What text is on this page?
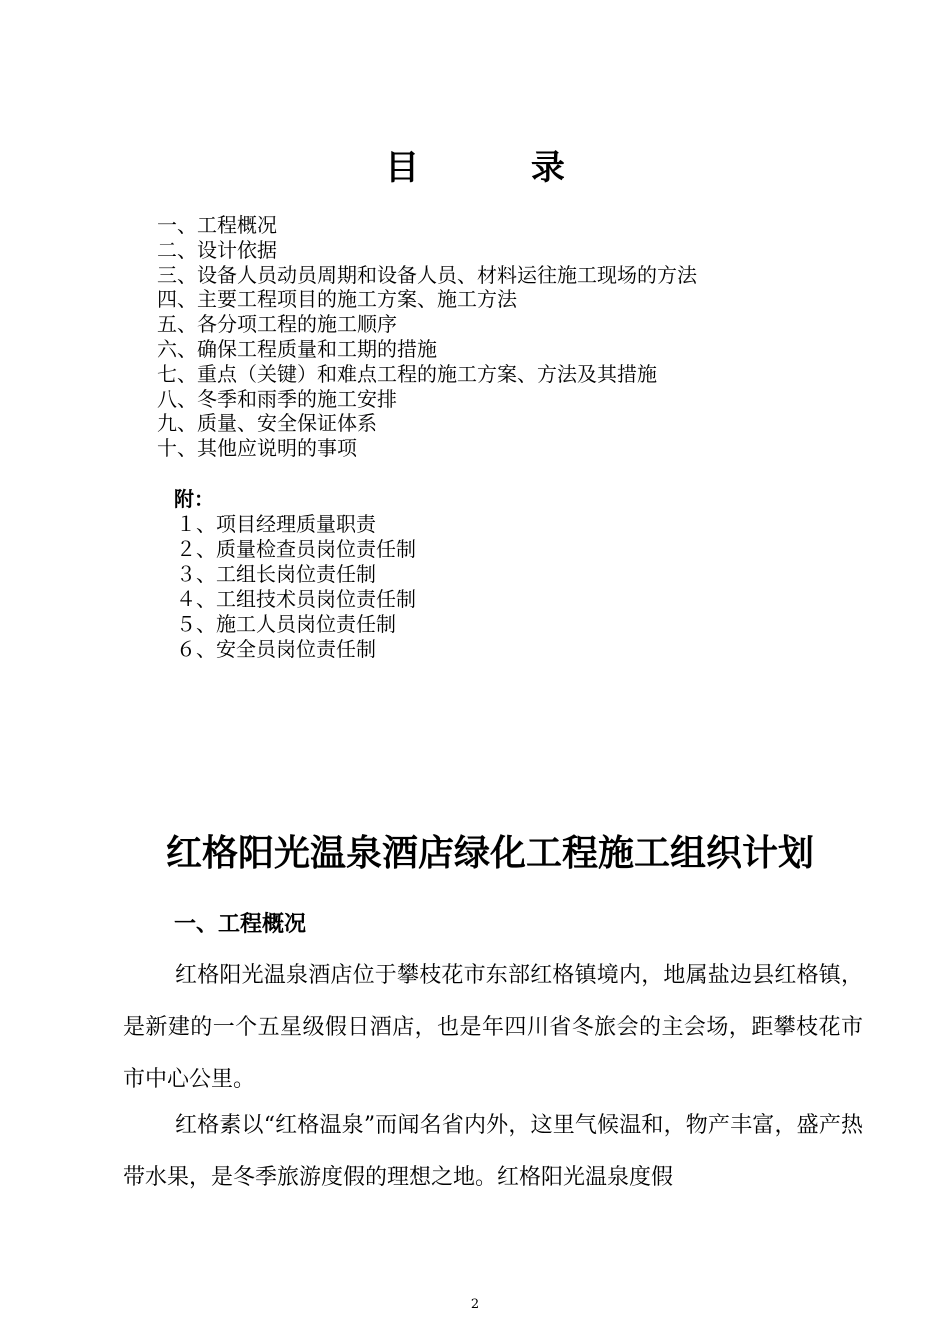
目 录
一、工程概况
二、设计依据
三、设备人员动员周期和设备人员、材料运往施工现场的方法
四、主要工程项目的施工方案、施工方法
五、各分项工程的施工顺序
六、确保工程质量和工期的措施
七、重点（关键）和难点工程的施工方案、方法及其措施
八、冬季和雨季的施工安排
九、质量、安全保证体系
十、其他应说明的事项
附：
１、项目经理质量职责
２、质量检查员岗位责任制
３、工组长岗位责任制
４、工组技术员岗位责任制
５、施工人员岗位责任制
６、安全员岗位责任制
红格阳光温泉酒店绿化工程施工组织计划
一、工程概况

红格阳光温泉酒店位于攀枝花市东部红格镇境内，地属盐边县红格镇，是新建的一个五星级假日酒店，也是年四川省冬旅会的主会场，距攀枝花市市中心公里。

红格素以“红格温泉”而闻名省内外，这里气候温和，物产丰富，盛产热带水果，是冬季旅游度假的理想之地。红格阳光温泉度假

2
